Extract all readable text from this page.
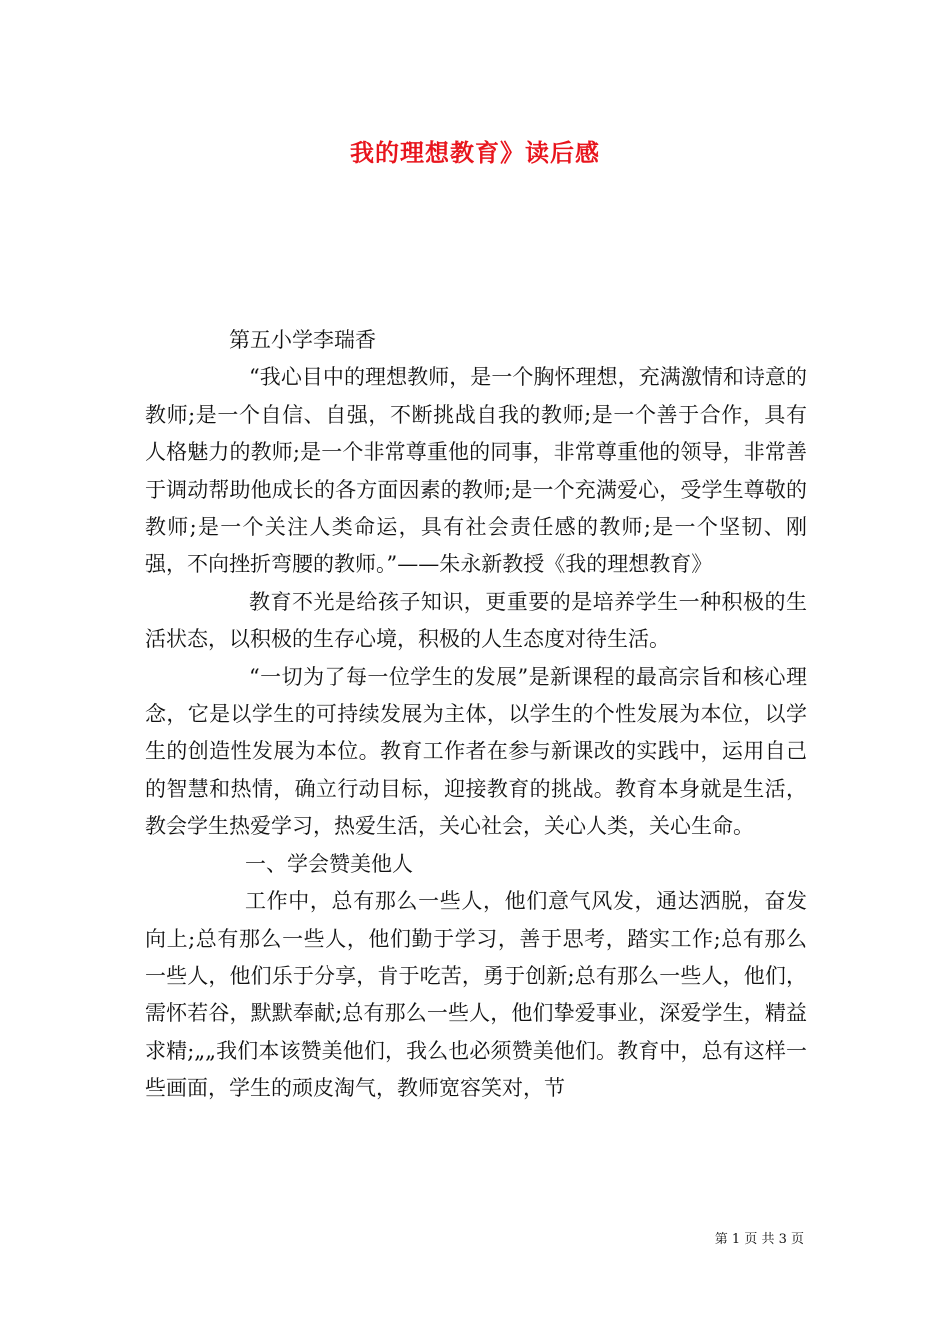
我的理想教育》读后感

第五小学李瑞香

“我心目中的理想教师，是一个胸怀理想，充满激情和诗意的教师;是一个自信、自强，不断挑战自我的教师;是一个善于合作，具有人格魅力的教师;是一个非常尊重他的同事，非常尊重他的领导，非常善于调动帮助他成长的各方面因素的教师;是一个充满爱心，受学生尊敬的教师;是一个关注人类命运，具有社会责任感的教师;是一个坚韧、刚强，不向挫折弯腰的教师。”——朱永新教授《我的理想教育》

教育不光是给孩子知识，更重要的是培养学生一种积极的生活状态，以积极的生存心境，积极的人生态度对待生活。

“一切为了每一位学生的发展”是新课程的最高宗旨和核心理念，它是以学生的可持续发展为主体，以学生的个性发展为本位，以学生的创造性发展为本位。教育工作者在参与新课改的实践中，运用自己的智慧和热情，确立行动目标，迎接教育的挑战。教育本身就是生活，教会学生热爱学习，热爱生活，关心社会，关心人类，关心生命。

一、学会赞美他人

工作中，总有那么一些人，他们意气风发，通达洒脱，奋发向上;总有那么一些人，他们勤于学习，善于思考，踏实工作;总有那么一些人，他们乐于分享，肯于吃苦，勇于创新;总有那么一些人，他们，需怀若谷，默默奉献;总有那么一些人，他们挚爱事业，深爱学生，精益求精;„„我们本该赞美他们，我么也必须赞美他们。教育中，总有这样一些画面，学生的顽皮淘气，教师宽容笑对，节

第 1 页 共 3 页
